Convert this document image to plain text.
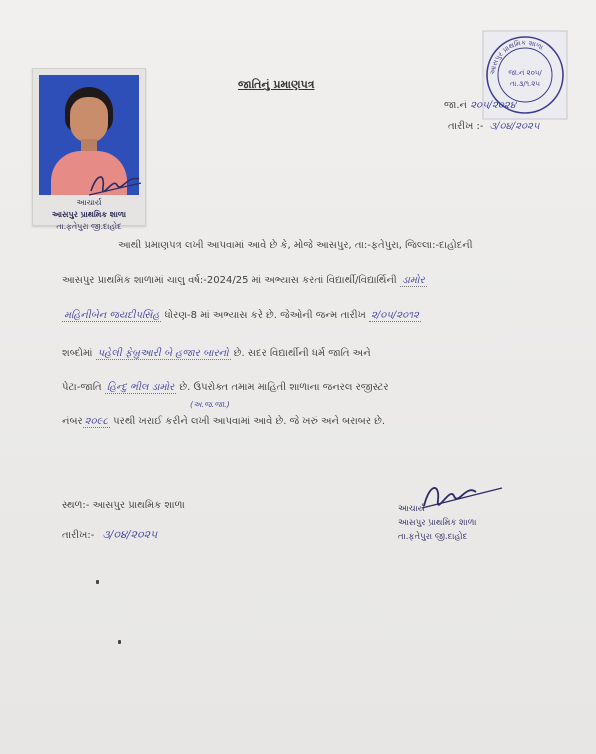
જાતિનું પ્રમાણપત્ર
આચાર્ય
આસપુર પ્રાથમિક શાળા
તા.ફતેપુરા જી.દાહોદ
આસપુર પ્રાથમિક શાળા
જા.નં ૨૦૫/
તા.૩/૧.૨૫
જા.નં ૨૦૫/૨૦૨૪
તારીખ :- ૩/૦૪/૨૦૨૫
આથી પ્રમાણપત્ર લખી આપવામાં આવે છે કે, મોજે આસપુર, તા:-ફતેપુરા, જિલ્લા:-દાહોદની
આસપુર પ્રાથમિક શાળામાં ચાલુ વર્ષ:-2024/25 માં અભ્યાસ કરતાં વિદ્યાર્થી/વિદ્યાર્થિની ડામોર
મહિનીબેન જયદીપસિંહ ધોરણ-8 માં અભ્યાસ કરે છે. જેઓની જન્મ તારીખ ૨/૦૫/૨૦૧૨
શબ્દોમાં પહેલી ફેબ્રુઆરી બે હજાર બારનો છે. સદર વિદ્યાર્થીની ધર્મ જાતિ અને
પેટા-જાતિ હિન્દુ ભીલ ડામોર છે. ઉપરોક્ત તમામ માહિતી શાળાના જનરલ રજીસ્ટર
(અ.જ.જા.)
નંબર ૨૦૯૮ પરથી ખરાઈ કરીને લખી આપવામાં આવે છે. જે ખરું અને બરાબર છે.
સ્થળ:- આસપુર પ્રાથમિક શાળા
તારીખ:- ૩/૦૪/૨૦૨૫
આચાર્ય
આસપુર પ્રાથમિક શાળા
તા.ફતેપુરા જી.દાહોદ
